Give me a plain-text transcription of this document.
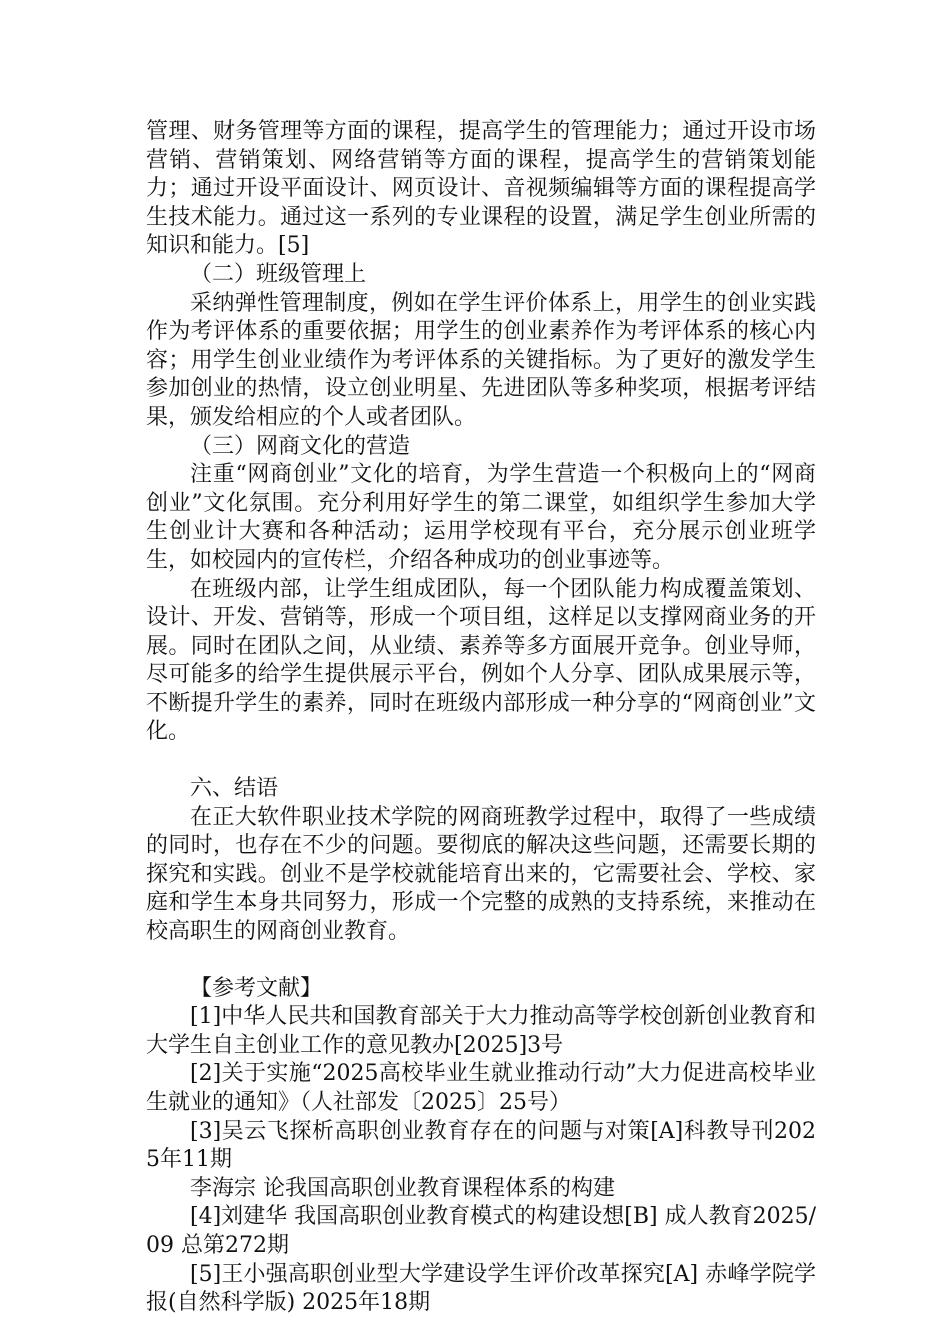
管理、财务管理等方面的课程，提高学生的管理能力；通过开设市场营销、营销策划、网络营销等方面的课程，提高学生的营销策划能力；通过开设平面设计、网页设计、音视频编辑等方面的课程提高学生技术能力。通过这一系列的专业课程的设置，满足学生创业所需的知识和能力。[5]

（二）班级管理上

采纳弹性管理制度，例如在学生评价体系上，用学生的创业实践作为考评体系的重要依据；用学生的创业素养作为考评体系的核心内容；用学生创业业绩作为考评体系的关键指标。为了更好的激发学生参加创业的热情，设立创业明星、先进团队等多种奖项，根据考评结果，颁发给相应的个人或者团队。

（三）网商文化的营造

注重“网商创业”文化的培育，为学生营造一个积极向上的“网商创业”文化氛围。充分利用好学生的第二课堂，如组织学生参加大学生创业计大赛和各种活动；运用学校现有平台，充分展示创业班学生，如校园内的宣传栏，介绍各种成功的创业事迹等。

在班级内部，让学生组成团队，每一个团队能力构成覆盖策划、设计、开发、营销等，形成一个项目组，这样足以支撑网商业务的开展。同时在团队之间，从业绩、素养等多方面展开竞争。创业导师，尽可能多的给学生提供展示平台，例如个人分享、团队成果展示等，不断提升学生的素养，同时在班级内部形成一种分享的“网商创业”文化。

六、结语

在正大软件职业技术学院的网商班教学过程中，取得了一些成绩的同时，也存在不少的问题。要彻底的解决这些问题，还需要长期的探究和实践。创业不是学校就能培育出来的，它需要社会、学校、家庭和学生本身共同努力，形成一个完整的成熟的支持系统，来推动在校高职生的网商创业教育。

【参考文献】

[1]中华人民共和国教育部关于大力推动高等学校创新创业教育和大学生自主创业工作的意见教办[2025]3号

[2]关于实施“2025高校毕业生就业推动行动”大力促进高校毕业生就业的通知》（人社部发〔2025〕25号）

[3]吴云飞探析高职创业教育存在的问题与对策[A]科教导刊2025年11期

李海宗 论我国高职创业教育课程体系的构建

[4]刘建华 我国高职创业教育模式的构建设想[B] 成人教育2025/09 总第272期

[5]王小强高职创业型大学建设学生评价改革探究[A] 赤峰学院学报(自然科学版) 2025年18期
